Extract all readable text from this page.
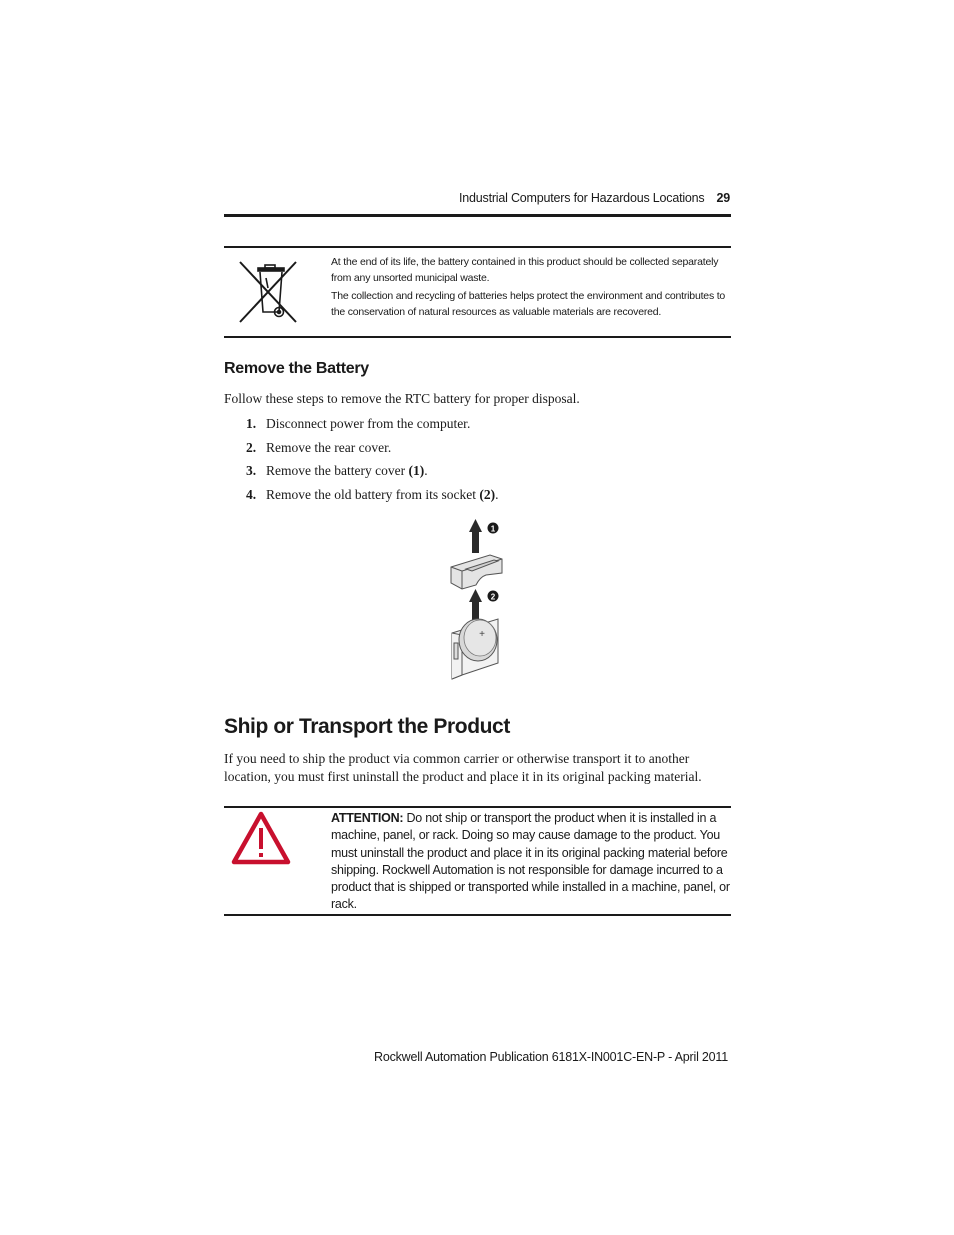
Industrial Computers for Hazardous Locations 29

At the end of its life, the battery contained in this product should be collected separately from any unsorted municipal waste.

The collection and recycling of batteries helps protect the environment and contributes to the conservation of natural resources as valuable materials are recovered.

Remove the Battery

Follow these steps to remove the RTC battery for proper disposal.

1. Disconnect power from the computer.
2. Remove the rear cover.
3. Remove the battery cover (1).
4. Remove the old battery from its socket (2).
1
2
+
Ship or Transport the Product

If you need to ship the product via common carrier or otherwise transport it to another location, you must first uninstall the product and place it in its original packing material.

ATTENTION: Do not ship or transport the product when it is installed in a machine, panel, or rack. Doing so may cause damage to the product. You must uninstall the product and place it in its original packing material before shipping. Rockwell Automation is not responsible for damage incurred to a product that is shipped or transported while installed in a machine, panel, or rack.
Rockwell Automation Publication 6181X-IN001C-EN-P - April 2011
